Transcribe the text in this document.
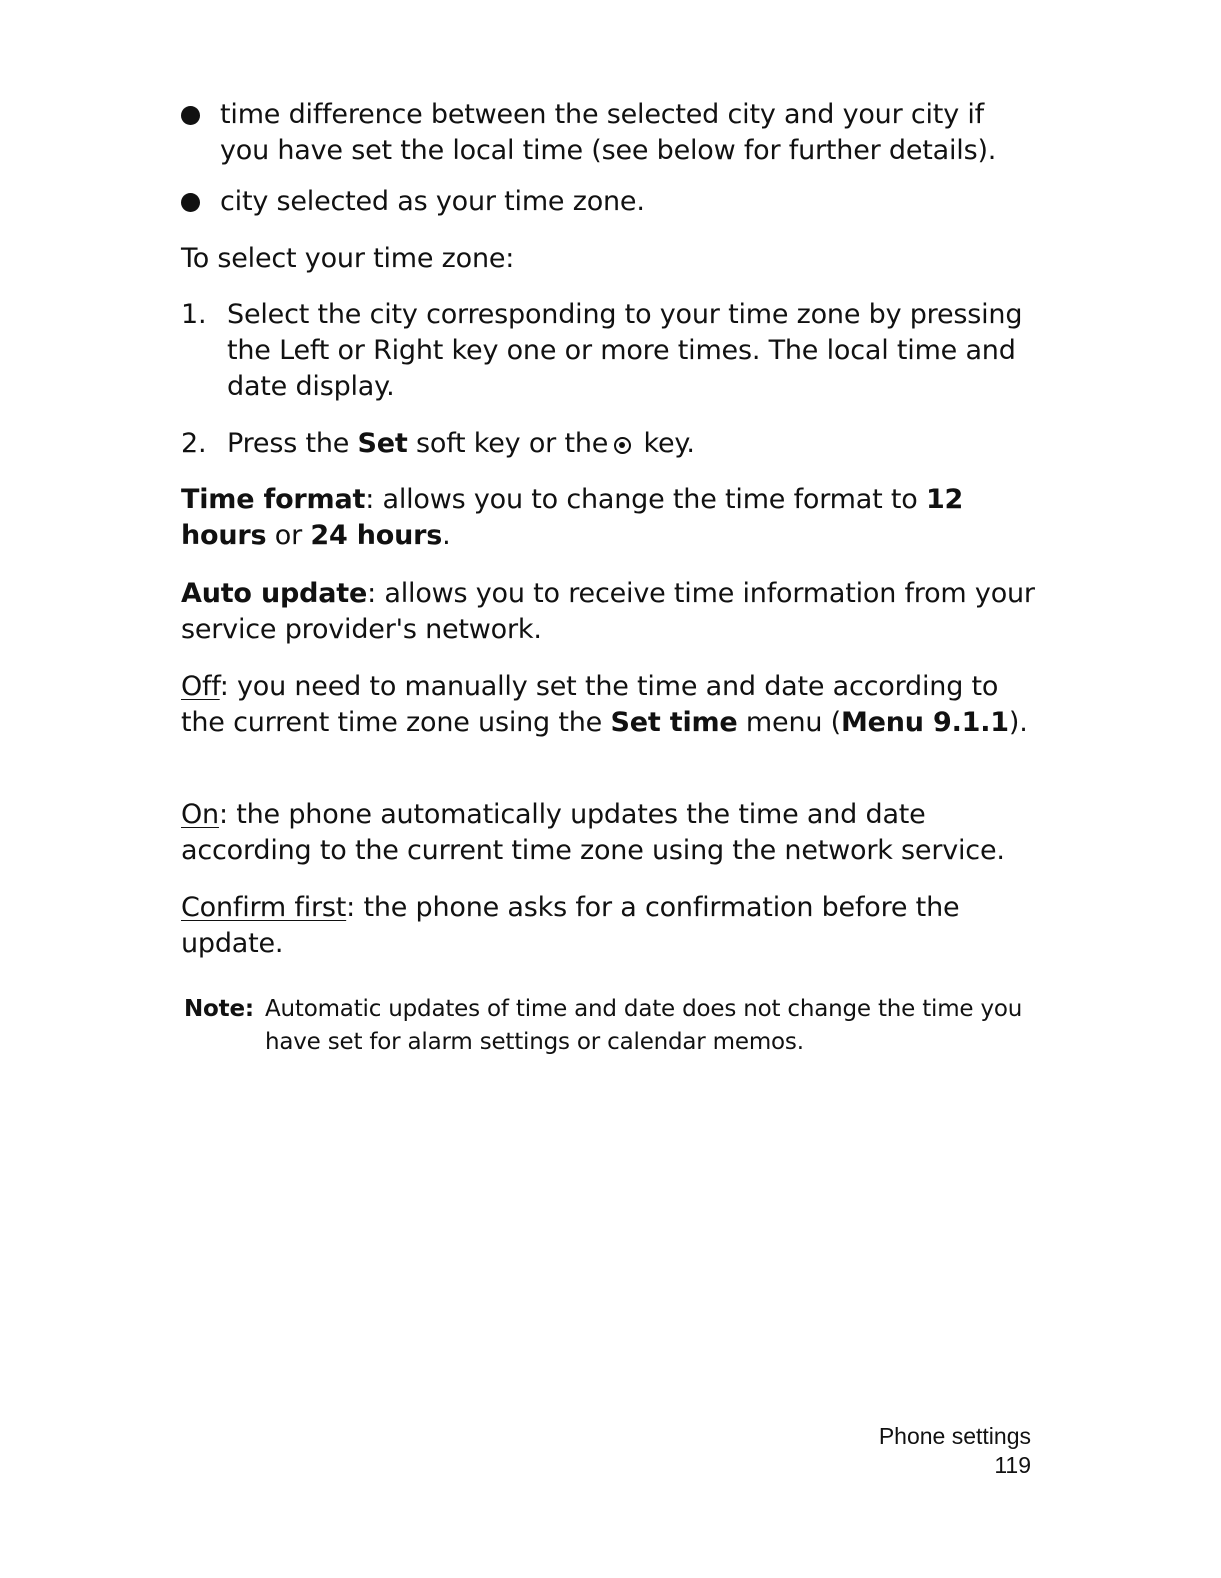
time difference between the selected city and your city if you have set the local time (see below for further details).
city selected as your time zone.
To select your time zone:
1. Select the city corresponding to your time zone by pressing the Left or Right key one or more times. The local time and date display.
2. Press the Set soft key or the key.
Time format: allows you to change the time format to 12 hours or 24 hours.
Auto update: allows you to receive time information from your service provider's network.
Off: you need to manually set the time and date according to the current time zone using the Set time menu (Menu 9.1.1).
On: the phone automatically updates the time and date according to the current time zone using the network service.
Confirm first: the phone asks for a confirmation before the update.
Note: Automatic updates of time and date does not change the time you have set for alarm settings or calendar memos.
Phone settings
119
